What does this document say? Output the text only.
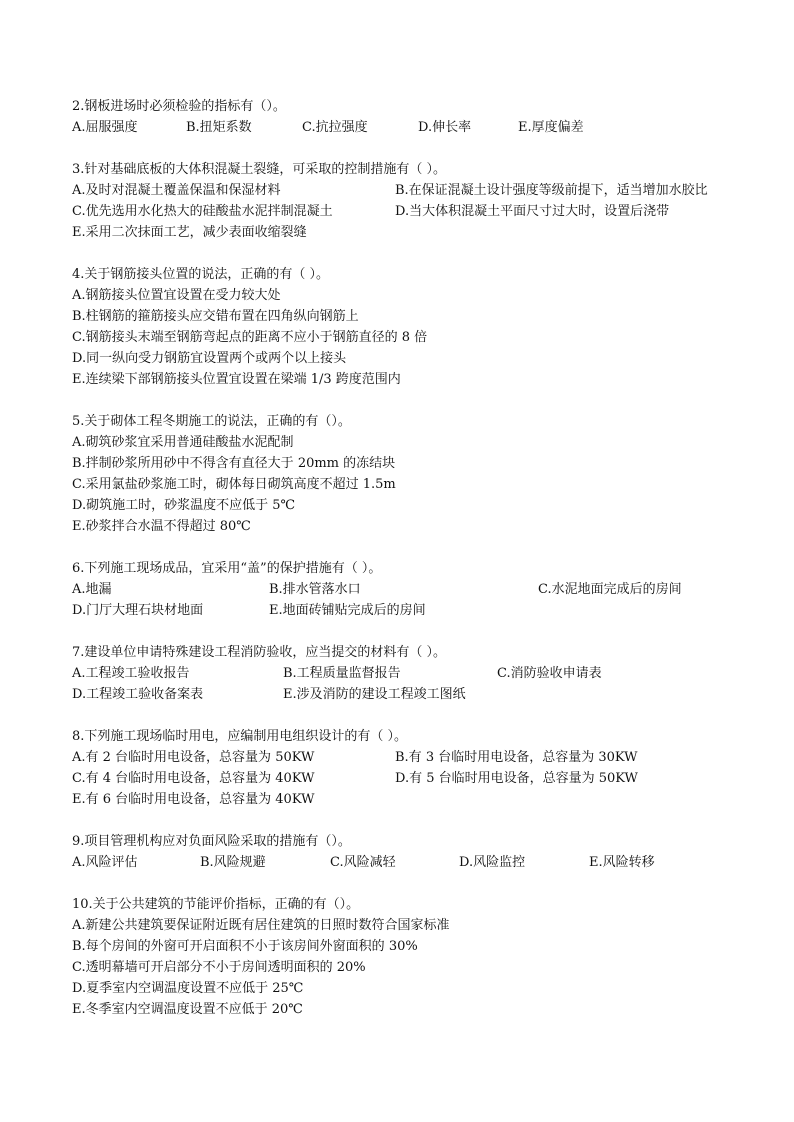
2.钢板进场时必须检验的指标有（）。
A.屈服强度	B.扭矩系数	C.抗拉强度	D.伸长率	E.厚度偏差
3.针对基础底板的大体积混凝土裂缝，可采取的控制措施有（ ）。
A.及时对混凝土覆盖保温和保湿材料	B.在保证混凝土设计强度等级前提下，适当增加水胶比
C.优先选用水化热大的硅酸盐水泥拌制混凝土	D.当大体积混凝土平面尺寸过大时，设置后浇带
E.采用二次抹面工艺，减少表面收缩裂缝
4.关于钢筋接头位置的说法，正确的有（ ）。
A.钢筋接头位置宜设置在受力较大处
B.柱钢筋的箍筋接头应交错布置在四角纵向钢筋上
C.钢筋接头末端至钢筋弯起点的距离不应小于钢筋直径的 8 倍
D.同一纵向受力钢筋宜设置两个或两个以上接头
E.连续梁下部钢筋接头位置宜设置在梁端 1/3 跨度范围内
5.关于砌体工程冬期施工的说法，正确的有（）。
A.砌筑砂浆宜采用普通硅酸盐水泥配制
B.拌制砂浆所用砂中不得含有直径大于 20mm 的冻结块
C.采用氯盐砂浆施工时，砌体每日砌筑高度不超过 1.5m
D.砌筑施工时，砂浆温度不应低于 5℃
E.砂浆拌合水温不得超过 80℃
6.下列施工现场成品，宜采用“盖”的保护措施有（ ）。
A.地漏	B.排水管落水口	C.水泥地面完成后的房间
D.门厅大理石块材地面	E.地面砖铺贴完成后的房间
7.建设单位申请特殊建设工程消防验收，应当提交的材料有（ ）。
A.工程竣工验收报告	B.工程质量监督报告	C.消防验收申请表
D.工程竣工验收备案表	E.涉及消防的建设工程竣工图纸
8.下列施工现场临时用电，应编制用电组织设计的有（ ）。
A.有 2 台临时用电设备，总容量为 50KW	B.有 3 台临时用电设备，总容量为 30KW
C.有 4 台临时用电设备，总容量为 40KW	D.有 5 台临时用电设备，总容量为 50KW
E.有 6 台临时用电设备，总容量为 40KW
9.项目管理机构应对负面风险采取的措施有（）。
A.风险评估	B.风险规避	C.风险减轻	D.风险监控	E.风险转移
10.关于公共建筑的节能评价指标，正确的有（）。
A.新建公共建筑要保证附近既有居住建筑的日照时数符合国家标准
B.每个房间的外窗可开启面积不小于该房间外窗面积的 30%
C.透明幕墙可开启部分不小于房间透明面积的 20%
D.夏季室内空调温度设置不应低于 25℃
E.冬季室内空调温度设置不应低于 20℃
